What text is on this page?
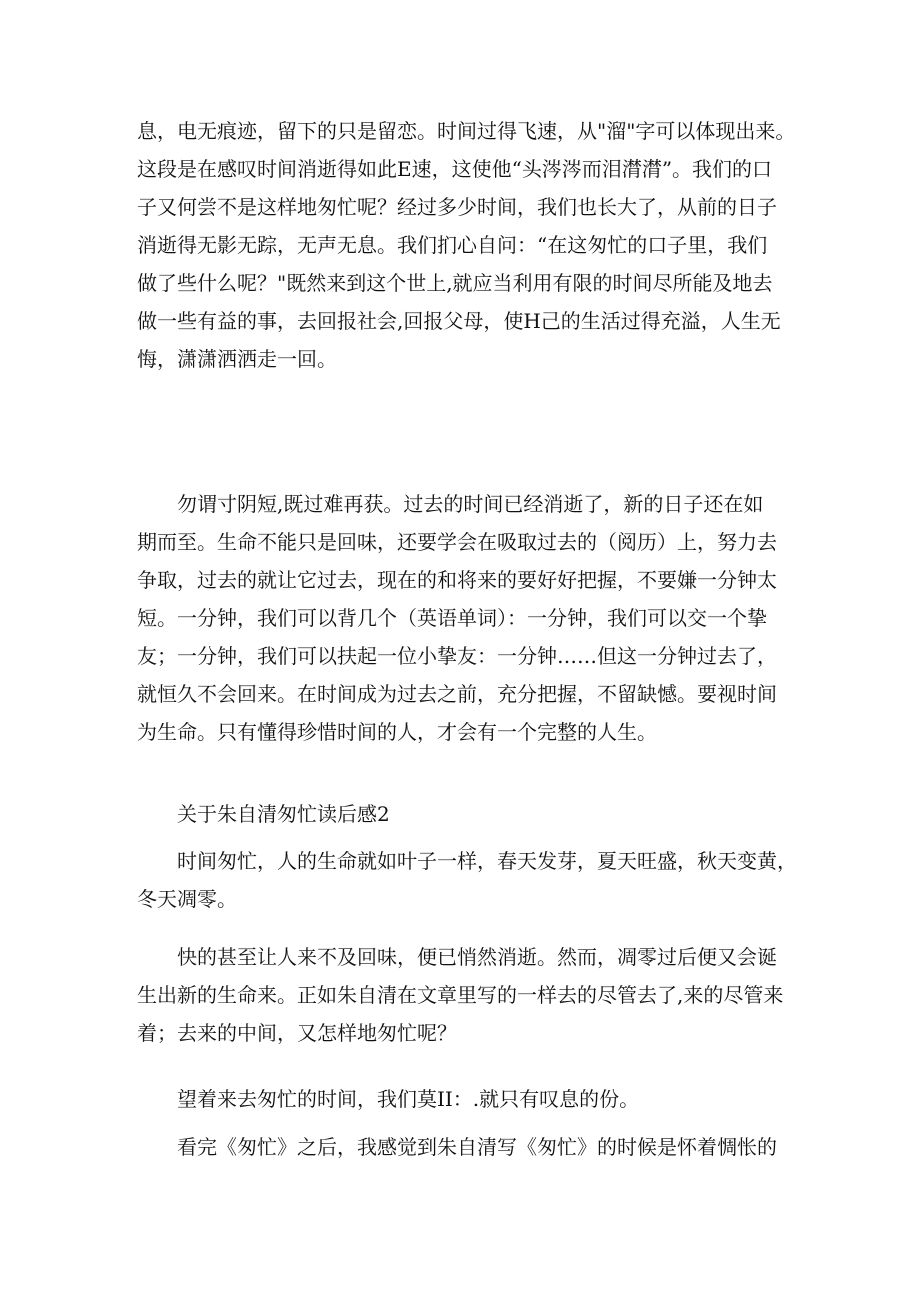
息，电无痕迹，留下的只是留恋。时间过得飞速，从"溜"字可以体现出来。
这段是在感叹时间消逝得如此E速，这使他“头涔涔而泪潸潸”。我们的口
子又何尝不是这样地匆忙呢？经过多少时间，我们也长大了，从前的日子
消逝得无影无踪，无声无息。我们扪心自问：“在这匆忙的口子里，我们
做了些什么呢？"既然来到这个世上,就应当利用有限的时间尽所能及地去
做一些有益的事，去回报社会,回报父母，使H己的生活过得充溢，人生无
悔，潇潇洒洒走一回。
勿谓寸阴短,既过难再获。过去的时间已经消逝了，新的日子还在如
期而至。生命不能只是回味，还要学会在吸取过去的（阅历）上，努力去
争取，过去的就让它过去，现在的和将来的要好好把握，不要嫌一分钟太
短。一分钟，我们可以背几个（英语单词）：一分钟，我们可以交一个挚
友；一分钟，我们可以扶起一位小挚友：一分钟……但这一分钟过去了，
就恒久不会回来。在时间成为过去之前，充分把握，不留缺憾。要视时间
为生命。只有懂得珍惜时间的人，才会有一个完整的人生。
关于朱自清匆忙读后感2
时间匆忙，人的生命就如叶子一样，春天发芽，夏天旺盛，秋天变黄，
冬天凋零。
快的甚至让人来不及回味，便已悄然消逝。然而，凋零过后便又会诞
生出新的生命来。正如朱自清在文章里写的一样去的尽管去了,来的尽管来
着；去来的中间，又怎样地匆忙呢？
望着来去匆忙的时间，我们莫II：.就只有叹息的份。
看完《匆忙》之后，我感觉到朱自清写《匆忙》的时候是怀着惆怅的
